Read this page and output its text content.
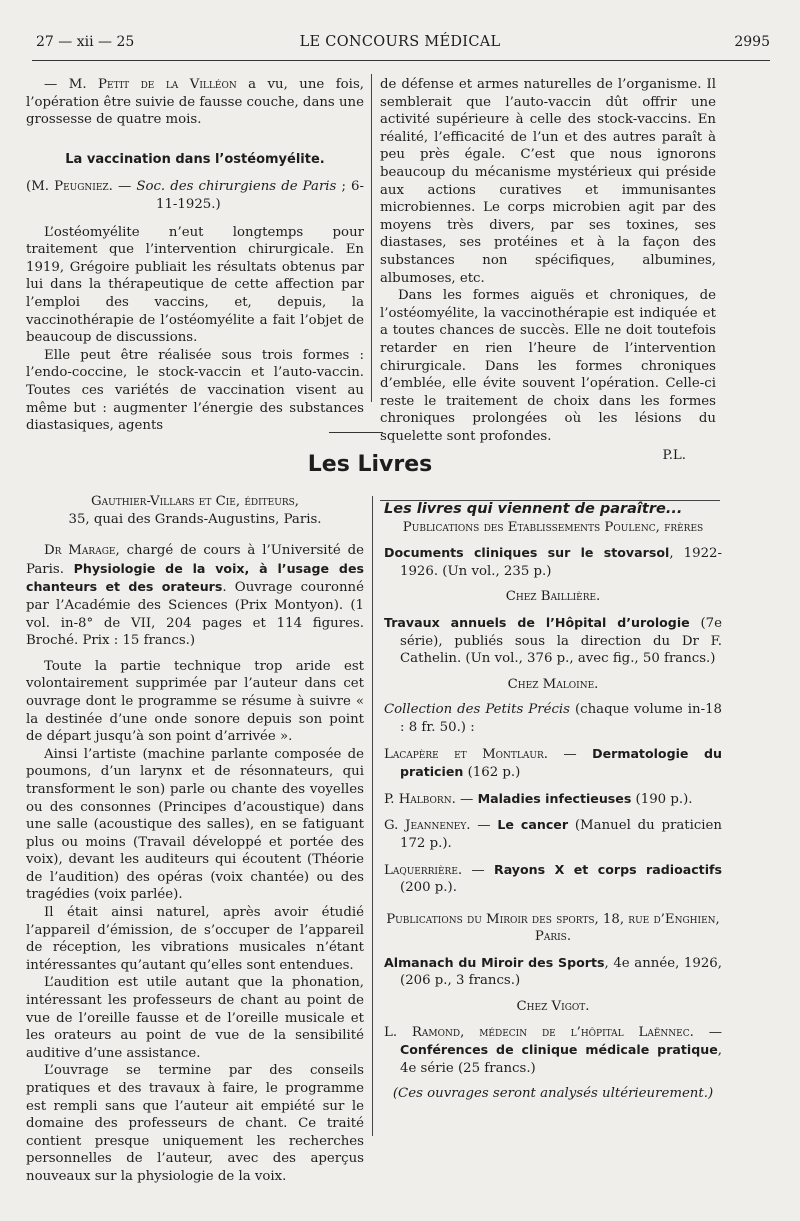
27 — xii — 25	LE CONCOURS MÉDICAL	2995

— M. Petit de la Villéon a vu, une fois, l’opération être suivie de fausse couche, dans une grossesse de quatre mois.

La vaccination dans l’ostéomyélite.

(M. Peugniez. — Soc. des chirurgiens de Paris ; 6-11-1925.)

L’ostéomyélite n’eut longtemps pour traitement que l’intervention chirurgicale. En 1919, Grégoire publiait les résultats obtenus par lui dans la thérapeutique de cette affection par l’emploi des vaccins, et, depuis, la vaccinothérapie de l’ostéomyélite a fait l’objet de beaucoup de discussions.

Elle peut être réalisée sous trois formes : l’endo-coccine, le stock-vaccin et l’auto-vaccin. Toutes ces variétés de vaccination visent au même but : augmenter l’énergie des substances diastasiques, agents

de défense et armes naturelles de l’organisme. Il semblerait que l’auto-vaccin dût offrir une activité supérieure à celle des stock-vaccins. En réalité, l’efficacité de l’un et des autres paraît à peu près égale. C’est que nous ignorons beaucoup du mécanisme mystérieux qui préside aux actions curatives et immunisantes microbiennes. Le corps microbien agit par des moyens très divers, par ses toxines, ses diastases, ses protéines et à la façon des substances non spécifiques, albumines, albumoses, etc.

Dans les formes aiguës et chroniques, de l’ostéomyélite, la vaccinothérapie est indiquée et a toutes chances de succès. Elle ne doit toutefois retarder en rien l’heure de l’intervention chirurgicale. Dans les formes chroniques d’emblée, elle évite souvent l’opération. Celle-ci reste le traitement de choix dans les formes chroniques prolongées où les lésions du squelette sont profondes.

P.L.

Les Livres

Gauthier-Villars et Cie, éditeurs,

35, quai des Grands-Augustins, Paris.

Dr Marage, chargé de cours à l’Université de Paris. Physiologie de la voix, à l’usage des chanteurs et des orateurs. Ouvrage couronné par l’Académie des Sciences (Prix Montyon). (1 vol. in-8° de VII, 204 pages et 114 figures. Broché. Prix : 15 francs.)

Toute la partie technique trop aride est volontairement supprimée par l’auteur dans cet ouvrage dont le programme se résume à suivre « la destinée d’une onde sonore depuis son point de départ jusqu’à son point d’arrivée ».

Ainsi l’artiste (machine parlante composée de poumons, d’un larynx et de résonnateurs, qui transforment le son) parle ou chante des voyelles ou des consonnes (Principes d’acoustique) dans une salle (acoustique des salles), en se fatiguant plus ou moins (Travail développé et portée des voix), devant les auditeurs qui écoutent (Théorie de l’audition) des opéras (voix chantée) ou des tragédies (voix parlée).

Il était ainsi naturel, après avoir étudié l’appareil d’émission, de s’occuper de l’appareil de réception, les vibrations musicales n’étant intéressantes qu’autant qu’elles sont entendues.

L’audition est utile autant que la phonation, intéressant les professeurs de chant au point de vue de l’oreille fausse et de l’oreille musicale et les orateurs au point de vue de la sensibilité auditive d’une assistance.

L’ouvrage se termine par des conseils pratiques et des travaux à faire, le programme est rempli sans que l’auteur ait empiété sur le domaine des professeurs de chant. Ce traité contient presque uniquement les recherches personnelles de l’auteur, avec des aperçus nouveaux sur la physiologie de la voix.

Les livres qui viennent de paraître...

Publications des Etablissements Poulenc, frères

Documents cliniques sur le stovarsol, 1922-1926. (Un vol., 235 p.)

Chez Baillière.

Travaux annuels de l’Hôpital d’urologie (7e série), publiés sous la direction du Dr F. Cathelin. (Un vol., 376 p., avec fig., 50 francs.)

Chez Maloine.

Collection des Petits Précis (chaque volume in-18 : 8 fr. 50.) :

Lacapère et Montlaur. — Dermatologie du praticien (162 p.)

P. Halborn. — Maladies infectieuses (190 p.).

G. Jeanneney. — Le cancer (Manuel du praticien 172 p.).

Laquerrière. — Rayons X et corps radioactifs (200 p.).

Publications du Miroir des sports, 18, rue d’Enghien, Paris.

Almanach du Miroir des Sports, 4e année, 1926, (206 p., 3 francs.)

Chez Vigot.

L. Ramond, médecin de l’hôpital Laënnec. — Conférences de clinique médicale pratique, 4e série (25 francs.)

(Ces ouvrages seront analysés ultérieurement.)
